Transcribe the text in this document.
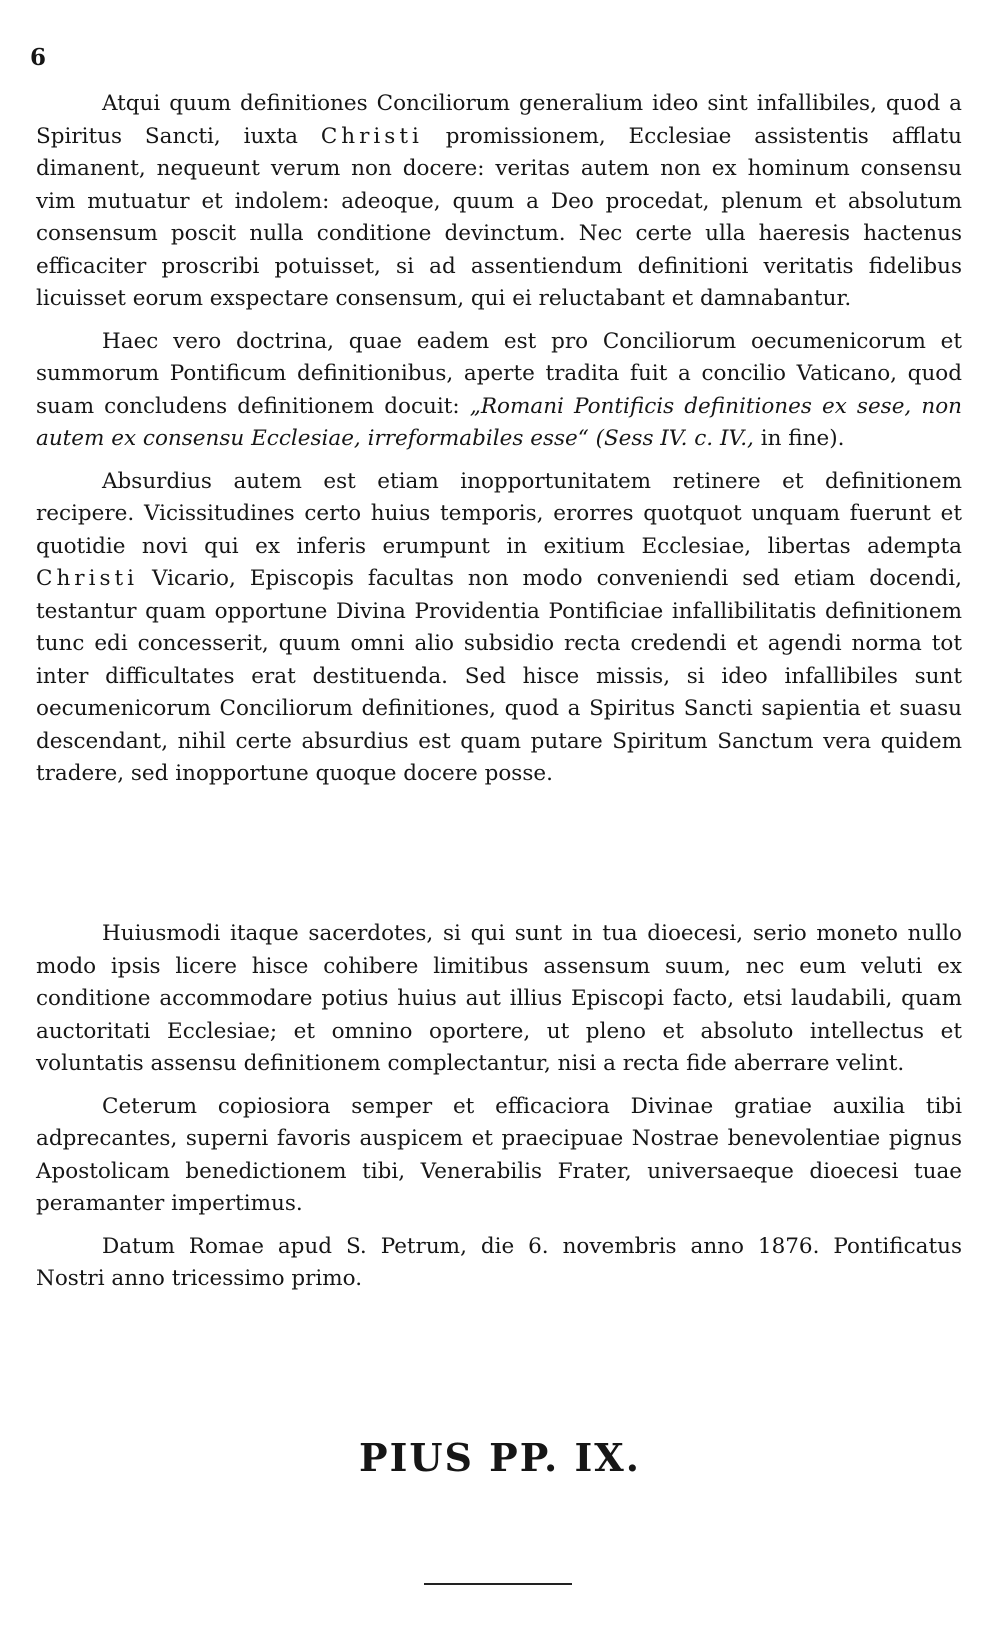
6

Atqui quum definitiones Conciliorum generalium ideo sint infallibiles, quod a Spiritus Sancti, iuxta Christi promissionem, Ecclesiae assistentis afflatu dimanent, nequeunt verum non docere: veritas autem non ex hominum consensu vim mutuatur et indolem: adeoque, quum a Deo procedat, plenum et absolutum consensum poscit nulla conditione devinctum. Nec certe ulla haeresis hactenus efficaciter proscribi potuisset, si ad assentiendum definitioni veritatis fidelibus licuisset eorum exspectare consensum, qui ei reluctabant et damnabantur.

Haec vero doctrina, quae eadem est pro Conciliorum oecumenicorum et summorum Pontificum definitionibus, aperte tradita fuit a concilio Vaticano, quod suam concludens definitionem docuit: „Romani Pontificis definitiones ex sese, non autem ex consensu Ecclesiae, irreformabiles esse“ (Sess IV. c. IV., in fine).

Absurdius autem est etiam inopportunitatem retinere et definitionem recipere. Vicissitudines certo huius temporis, erorres quotquot unquam fuerunt et quotidie novi qui ex inferis erumpunt in exitium Ecclesiae, libertas adempta Christi Vicario, Episcopis facultas non modo conveniendi sed etiam docendi, testantur quam opportune Divina Providentia Pontificiae infallibilitatis definitionem tunc edi concesserit, quum omni alio subsidio recta credendi et agendi norma tot inter difficultates erat destituenda. Sed hisce missis, si ideo infallibiles sunt oecumenicorum Conciliorum definitiones, quod a Spiritus Sancti sapientia et suasu descendant, nihil certe absurdius est quam putare Spiritum Sanctum vera quidem tradere, sed inopportune quoque docere posse.

Huiusmodi itaque sacerdotes, si qui sunt in tua dioecesi, serio moneto nullo modo ipsis licere hisce cohibere limitibus assensum suum, nec eum veluti ex conditione accommodare potius huius aut illius Episcopi facto, etsi laudabili, quam auctoritati Ecclesiae; et omnino oportere, ut pleno et absoluto intellectus et voluntatis assensu definitionem complectantur, nisi a recta fide aberrare velint.

Ceterum copiosiora semper et efficaciora Divinae gratiae auxilia tibi adprecantes, superni favoris auspicem et praecipuae Nostrae benevolentiae pignus Apostolicam benedictionem tibi, Venerabilis Frater, universaeque dioecesi tuae peramanter impertimus.

Datum Romae apud S. Petrum, die 6. novembris anno 1876. Pontificatus Nostri anno tricessimo primo.

PIUS PP. IX.
